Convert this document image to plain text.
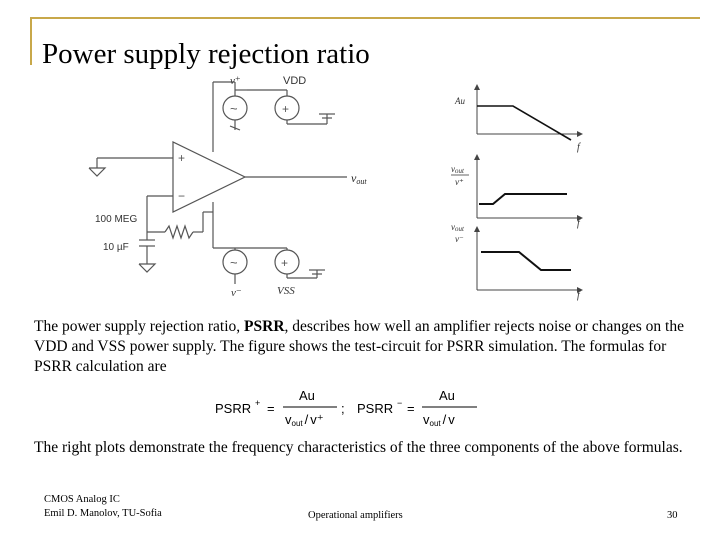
Power supply rejection ratio
~	+
+
~
+
−
v⁺	VDD
vout
100 MEG
10 µF
v⁻	VSS
Au
f
vout
v⁺
f
vout
v⁻
f

The power supply rejection ratio, PSRR, describes how well an amplifier rejects noise or changes on the VDD and VSS power supply. The figure shows the test-circuit for PSRR simulation. The formulas for PSRR calculation are

PSRR + =
Au
vout / v⁺
; PSRR − =
Au
vout / v

The right plots demonstrate the frequency characteristics of the three components of the above formulas.

CMOS Analog IC
Emil D. Manolov, TU-Sofia	Operational amplifiers	30
